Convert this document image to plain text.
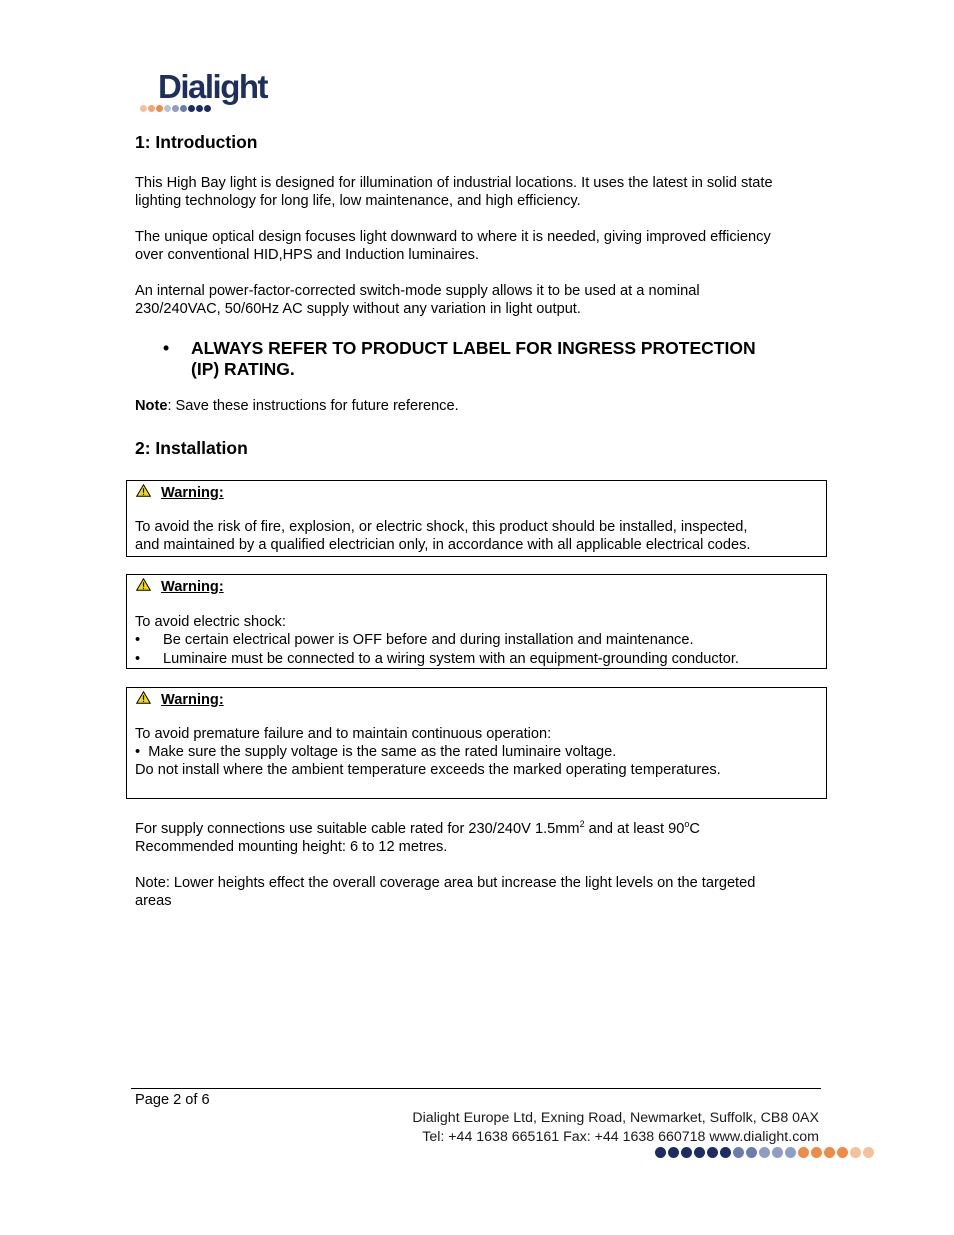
Dialight
1: Introduction

This High Bay light is designed for illumination of industrial locations. It uses the latest in solid state

lighting technology for long life, low maintenance, and high efficiency.

The unique optical design focuses light downward to where it is needed, giving improved efficiency

over conventional HID,HPS and Induction luminaires.

An internal power-factor-corrected switch-mode supply allows it to be used at a nominal

230/240VAC, 50/60Hz AC supply without any variation in light output.

• ALWAYS REFER TO PRODUCT LABEL FOR INGRESS PROTECTION
(IP) RATING.
Note: Save these instructions for future reference.
2: Installation
Warning:

To avoid the risk of fire, explosion, or electric shock, this product should be installed, inspected,

and maintained by a qualified electrician only, in accordance with all applicable electrical codes.

Warning:

To avoid electric shock:

• Be certain electrical power is OFF before and during installation and maintenance.
• Luminaire must be connected to a wiring system with an equipment-grounding conductor.
Warning:

To avoid premature failure and to maintain continuous operation:

•  Make sure the supply voltage is the same as the rated luminaire voltage.

Do not install where the ambient temperature exceeds the marked operating temperatures.

For supply connections use suitable cable rated for 230/240V $1.5mm^2$ and at least 90$^o$C

Recommended mounting height: 6 to 12 metres.

Note: Lower heights effect the overall coverage area but increase the light levels on the targeted

areas

Page 2 of 6
Dialight Europe Ltd, Exning Road, Newmarket, Suffolk, CB8 0AX
Tel: +44 1638 665161 Fax: +44 1638 660718 www.dialight.com
